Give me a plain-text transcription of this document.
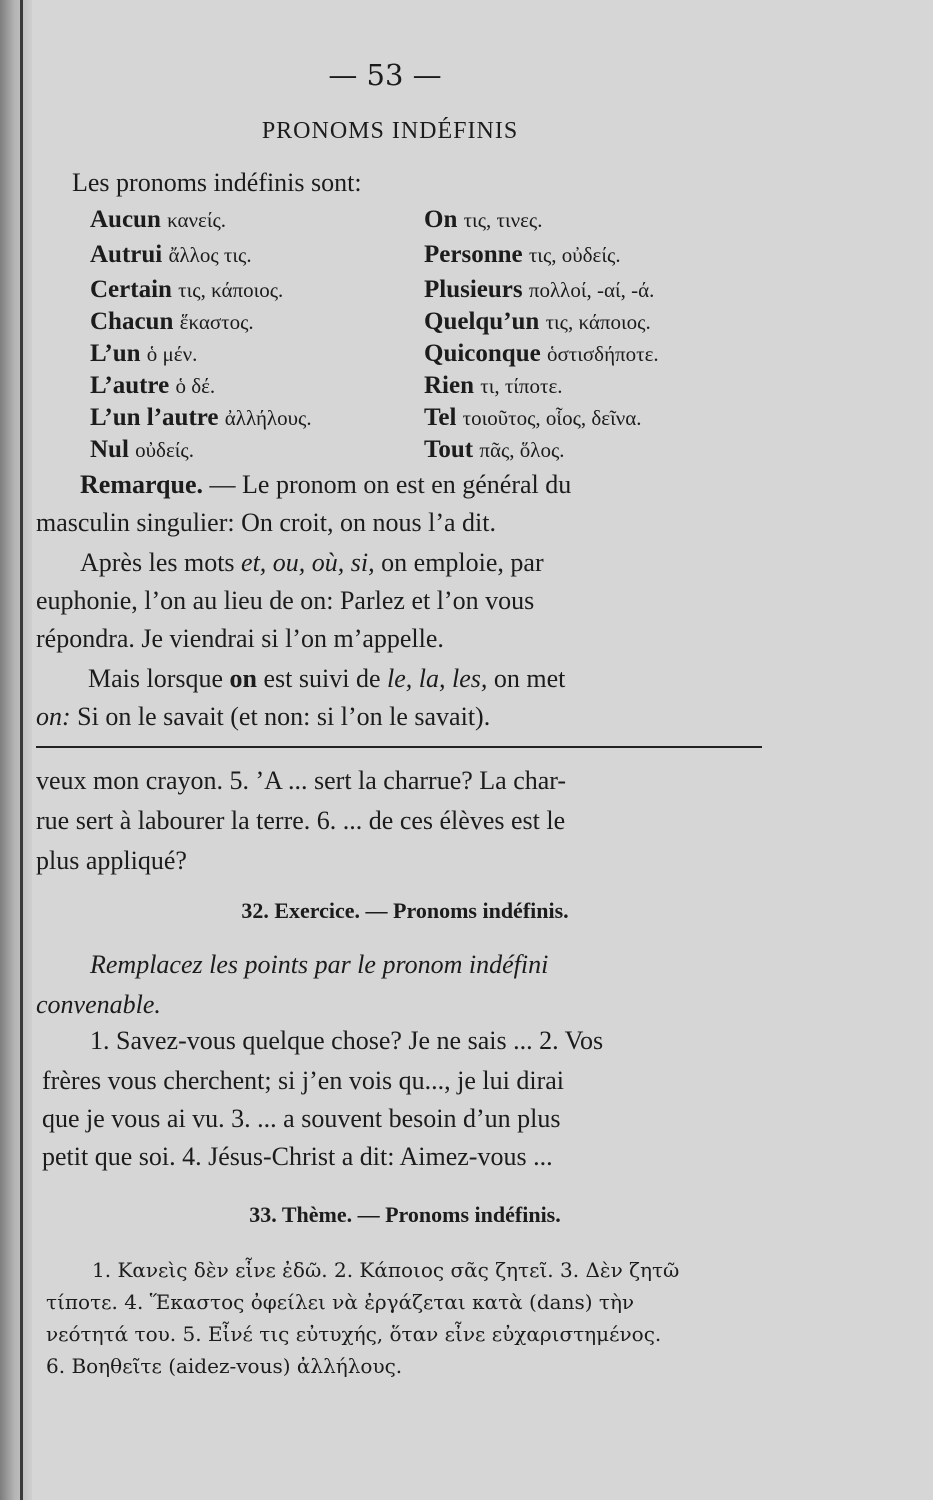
— 53 —
PRONOMS INDÉFINIS
Les pronoms indéfinis sont:
Aucun κανείς.
Autrui ἄλλος τις.
Certain τις, κάποιος.
Chacun ἕκαστος.
L’un ὁ μέν.
L’autre ὁ δέ.
L’un l’autre ἀλλήλους.
Nul οὐδείς.
On τις, τινες.
Personne τις, οὐδείς.
Plusieurs πολλοί, -αί, -ά.
Quelqu’un τις, κάποιος.
Quiconque ὁστισδήποτε.
Rien τι, τίποτε.
Tel τοιοῦτος, οἷος, δεῖνα.
Tout πᾶς, ὅλος.
Remarque. — Le pronom on est en général du
masculin singulier: On croit, on nous l’a dit.
Après les mots et, ou, où, si, on emploie, par
euphonie, l’on au lieu de on: Parlez et l’on vous
répondra. Je viendrai si l’on m’appelle.
Mais lorsque on est suivi de le, la, les, on met
on: Si on le savait (et non: si l’on le savait).
veux mon crayon. 5. ’A ... sert la charrue? La char-
rue sert à labourer la terre. 6. ... de ces élèves est le
plus appliqué?
32. Exercice. — Pronoms indéfinis.
Remplacez les points par le pronom indéfini
convenable.
1. Savez-vous quelque chose? Je ne sais ... 2. Vos
frères vous cherchent; si j’en vois qu..., je lui dirai
que je vous ai vu. 3. ... a souvent besoin d’un plus
petit que soi. 4. Jésus-Christ a dit: Aimez-vous ...
33. Thème. — Pronoms indéfinis.
1. Κανεὶς δὲν εἶνε ἐδῶ. 2. Κάποιος σᾶς ζητεῖ. 3. Δὲν ζητῶ
τίποτε. 4. Ἕκαστος ὀφείλει νὰ ἐργάζεται κατὰ (dans) τὴν
νεότητά του. 5. Εἶνέ τις εὐτυχής, ὅταν εἶνε εὐχαριστημένος.
6. Βοηθεῖτε (aidez-vous) ἀλλήλους.
